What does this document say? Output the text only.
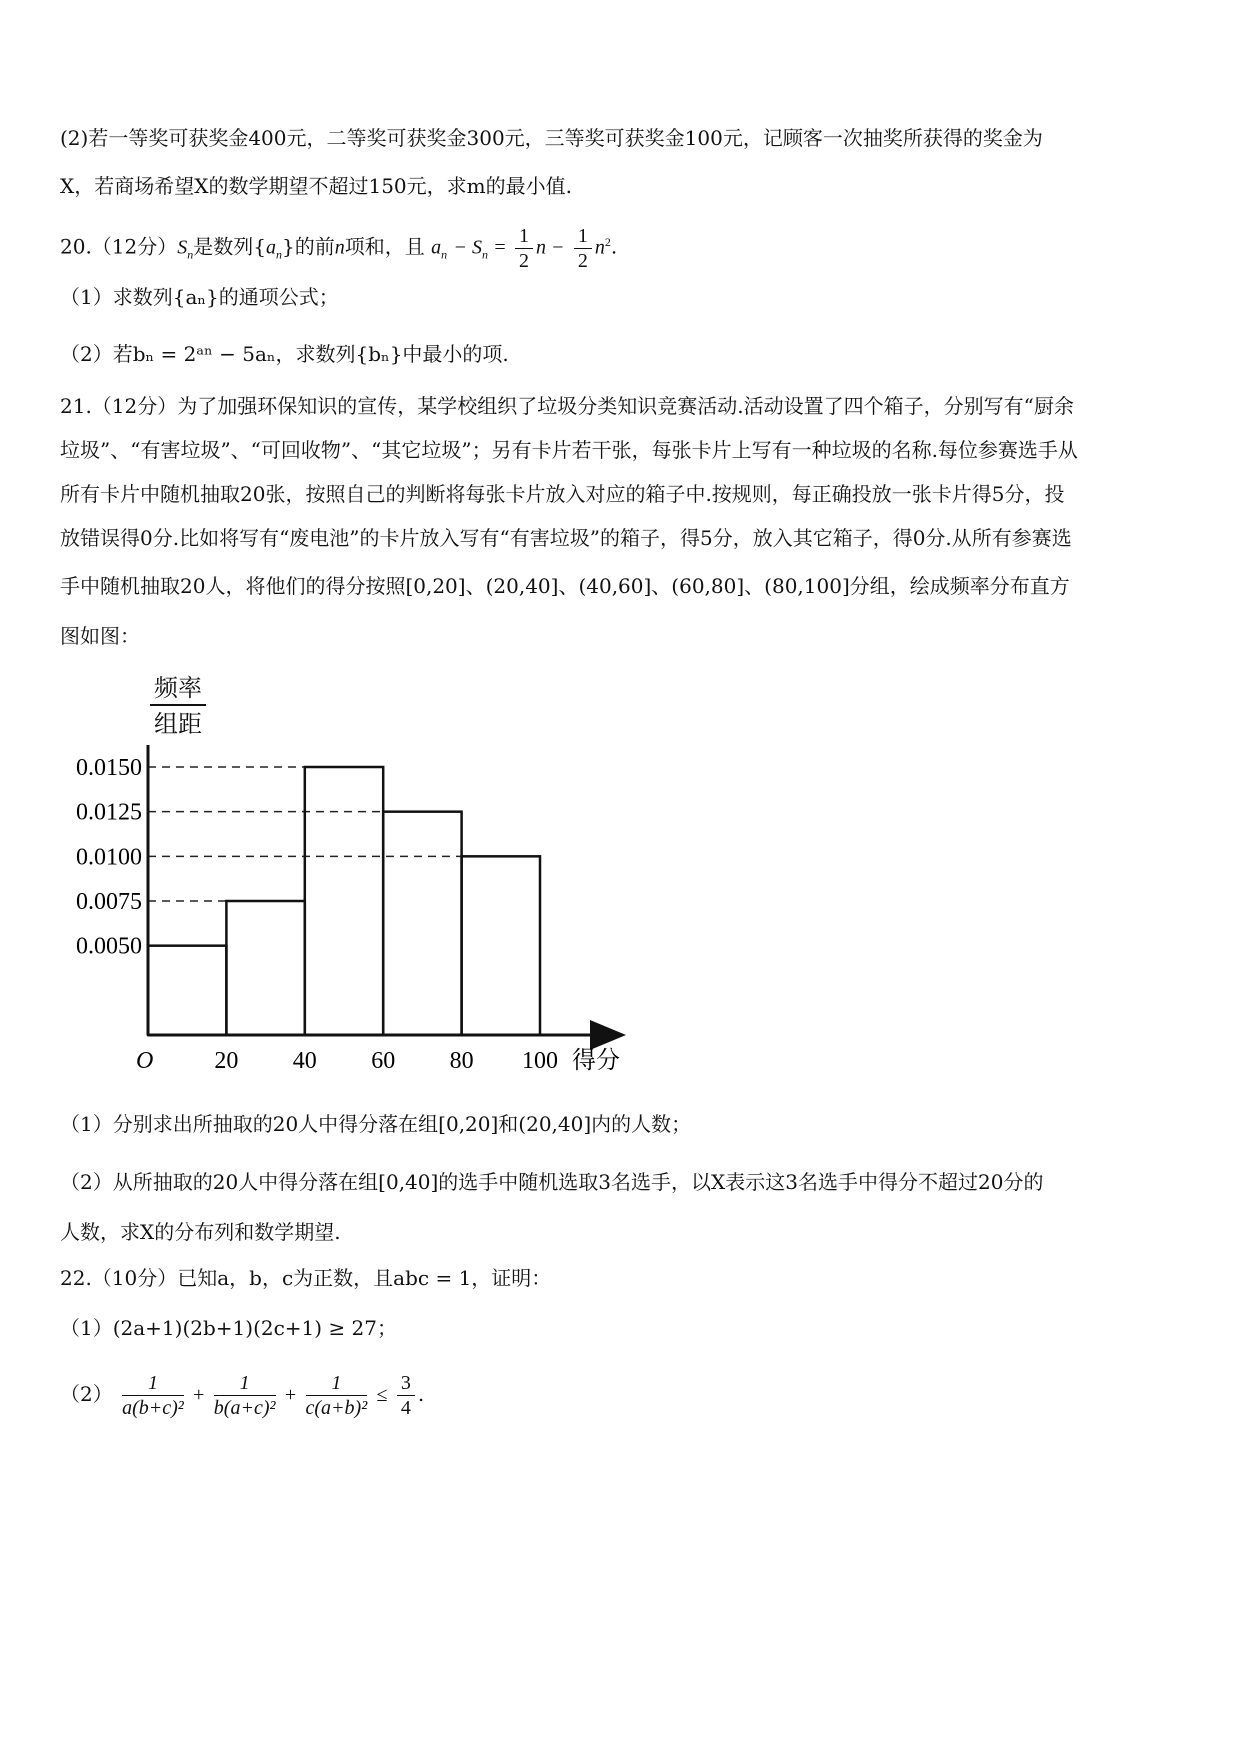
(2)若一等奖可获奖金400元，二等奖可获奖金300元，三等奖可获奖金100元，记顾客一次抽奖所获得的奖金为
X，若商场希望X的数学期望不超过150元，求m的最小值.
20.（12分）$S_n$是数列$\{a_n\}$的前n项和，且 $a_n - S_n = \frac{1}{2}$ $n - \frac{1}{2} n^2$.
（1）求数列{aₙ}的通项公式；
（2）若bₙ = 2ᵃⁿ − 5aₙ，求数列{bₙ}中最小的项.
21.（12分）为了加强环保知识的宣传，某学校组织了垃圾分类知识竞赛活动.活动设置了四个箱子，分别写有“厨余
垃圾”、“有害垃圾”、“可回收物”、“其它垃圾”；另有卡片若干张，每张卡片上写有一种垃圾的名称.每位参赛选手从
所有卡片中随机抽取20张，按照自己的判断将每张卡片放入对应的箱子中.按规则，每正确投放一张卡片得5分，投
放错误得0分.比如将写有“废电池”的卡片放入写有“有害垃圾”的箱子，得5分，放入其它箱子，得0分.从所有参赛选
手中随机抽取20人，将他们的得分按照[0,20]、(20,40]、(40,60]、(60,80]、(80,100]分组，绘成频率分布直方
图如图：
0.0150
0.0125
0.0100
0.0075
0.0050
20 40 60 80 100
O	得分
频率
组距
（1）分别求出所抽取的20人中得分落在组[0,20]和(20,40]内的人数；
（2）从所抽取的20人中得分落在组[0,40]的选手中随机选取3名选手，以X表示这3名选手中得分不超过20分的
人数，求X的分布列和数学期望.
22.（10分）已知a，b，c为正数，且abc = 1，证明：
（1）(2a+1)(2b+1)(2c+1) ≥ 27；
$(2) \frac{1}{\text{a(b+c)²}} + \frac{1}{\text{b(a+c)²}} + \frac{1}{\text{c(a+b)²}} \le \frac{3}{4}$ .
